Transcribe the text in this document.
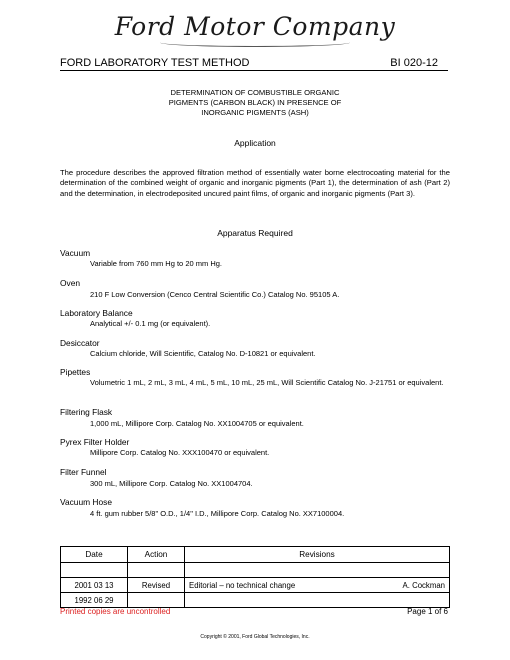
Ford Motor Company
FORD LABORATORY TEST METHOD	BI 020-12
DETERMINATION OF COMBUSTIBLE ORGANIC
PIGMENTS (CARBON BLACK) IN PRESENCE OF
INORGANIC PIGMENTS (ASH)
Application
The procedure describes the approved filtration method of essentially water borne electrocoating material for the determination of the combined weight of organic and inorganic pigments (Part 1), the determination of ash (Part 2) and the determination, in electrodeposited uncured paint films, of organic and inorganic pigments (Part 3).
Apparatus Required
Vacuum
Variable from 760 mm Hg to 20 mm Hg.
Oven
210 F Low Conversion (Cenco Central Scientific Co.) Catalog No. 95105 A.
Laboratory Balance
Analytical +/- 0.1 mg (or equivalent).
Desiccator
Calcium chloride, Will Scientific, Catalog No. D-10821 or equivalent.
Pipettes
Volumetric 1 mL, 2 mL, 3 mL, 4 mL, 5 mL, 10 mL, 25 mL, Will Scientific Catalog No. J-21751 or equivalent.
Filtering Flask
1,000 mL, Millipore Corp. Catalog No. XX1004705 or equivalent.
Pyrex Filter Holder
Millipore Corp. Catalog No. XXX100470 or equivalent.
Filter Funnel
300 mL, Millipore Corp. Catalog No. XX1004704.
Vacuum Hose
4 ft. gum rubber 5/8" O.D., 1/4" I.D., Millipore Corp. Catalog No. XX7100004.
Date	Action	Revisions

2001 03 13	Revised	Editorial – no technical change A. Cockman

1992 06 29		
Printed copies are uncontrolled	Page 1 of 6
Copyright © 2001, Ford Global Technologies, Inc.
